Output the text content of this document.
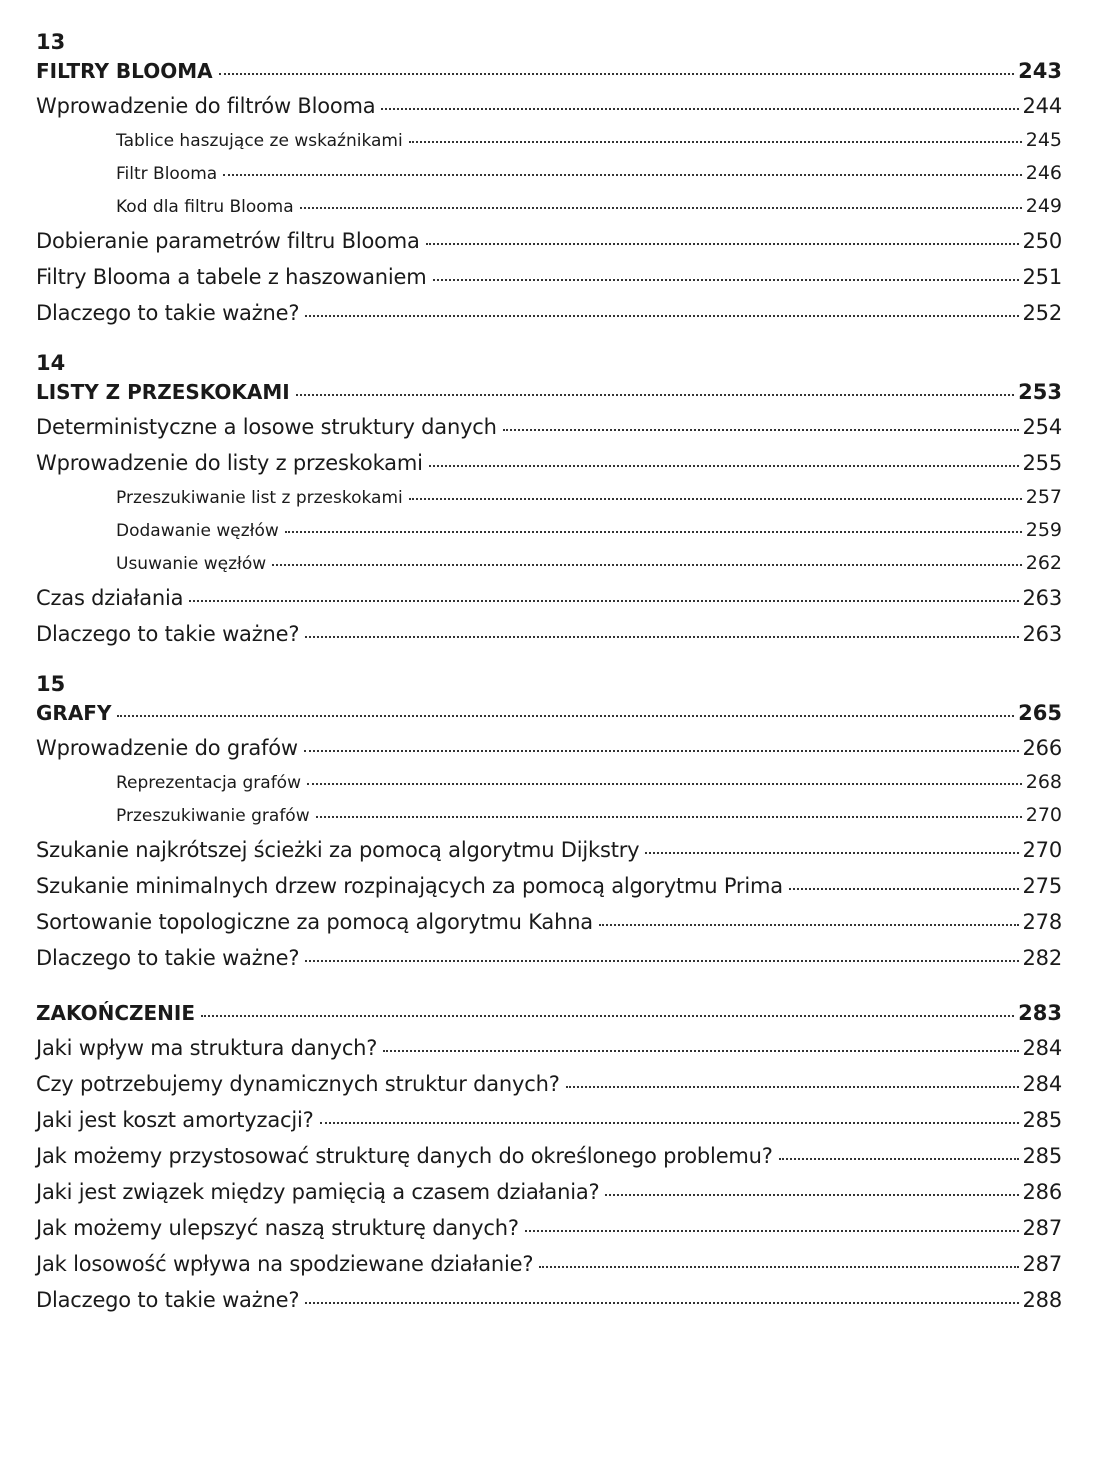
13
FILTRY BLOOMA	243
Wprowadzenie do filtrów Blooma	244
Tablice haszujące ze wskaźnikami	245
Filtr Blooma	246
Kod dla filtru Blooma	249
Dobieranie parametrów filtru Blooma	250
Filtry Blooma a tabele z haszowaniem	251
Dlaczego to takie ważne?	252
14
LISTY Z PRZESKOKAMI	253
Deterministyczne a losowe struktury danych	254
Wprowadzenie do listy z przeskokami	255
Przeszukiwanie list z przeskokami	257
Dodawanie węzłów	259
Usuwanie węzłów	262
Czas działania	263
Dlaczego to takie ważne?	263
15
GRAFY	265
Wprowadzenie do grafów	266
Reprezentacja grafów	268
Przeszukiwanie grafów	270
Szukanie najkrótszej ścieżki za pomocą algorytmu Dijkstry	270
Szukanie minimalnych drzew rozpinających za pomocą algorytmu Prima	275
Sortowanie topologiczne za pomocą algorytmu Kahna	278
Dlaczego to takie ważne?	282
ZAKOŃCZENIE	283
Jaki wpływ ma struktura danych?	284
Czy potrzebujemy dynamicznych struktur danych?	284
Jaki jest koszt amortyzacji?	285
Jak możemy przystosować strukturę danych do określonego problemu?	285
Jaki jest związek między pamięcią a czasem działania?	286
Jak możemy ulepszyć naszą strukturę danych?	287
Jak losowość wpływa na spodziewane działanie?	287
Dlaczego to takie ważne?	288
